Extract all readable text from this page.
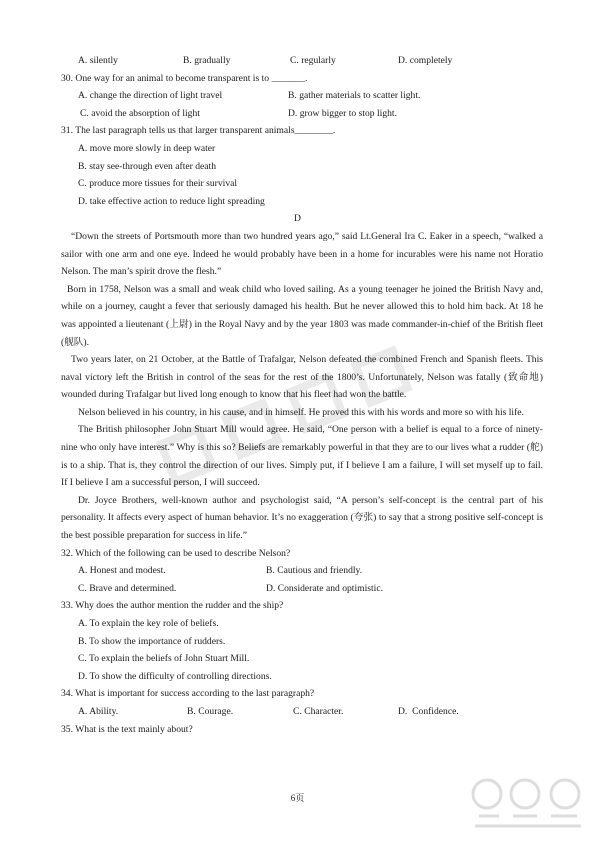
A. silently	B. gradually	C. regularly	D. completely
30. One way for an animal to become transparent is to _______.
A. change the direction of light travel	B. gather materials to scatter light.
C. avoid the absorption of light	D. grow bigger to stop light.
31. The last paragraph tells us that larger transparent animals________.
A. move more slowly in deep water
B. stay see-through even after death
C. produce more tissues for their survival
D. take effective action to reduce light spreading
D
“Down the streets of Portsmouth more than two hundred years ago,” said Lt.General Ira C. Eaker in a speech, “walked a sailor with one arm and one eye. Indeed he would probably have been in a home for incurables were his name not Horatio Nelson. The man’s spirit drove the flesh.”
Born in 1758, Nelson was a small and weak child who loved sailing. As a young teenager he joined the British Navy and, while on a journey, caught a fever that seriously damaged his health. But he never allowed this to hold him back. At 18 he was appointed a lieutenant (上尉) in the Royal Navy and by the year 1803 was made commander-in-chief of the British fleet (舰队).
Two years later, on 21 October, at the Battle of Trafalgar, Nelson defeated the combined French and Spanish fleets. This naval victory left the British in control of the seas for the rest of the 1800’s. Unfortunately, Nelson was fatally (致命地) wounded during Trafalgar but lived long enough to know that his fleet had won the battle.
Nelson believed in his country, in his cause, and in himself. He proved this with his words and more so with his life.
The British philosopher John Stuart Mill would agree. He said, “One person with a belief is equal to a force of ninety-nine who only have interest.” Why is this so? Beliefs are remarkably powerful in that they are to our lives what a rudder (舵)　is to a ship. That is, they control the direction of our lives. Simply put, if I believe I am a failure, I will set myself up to fail. If I believe I am a successful person, I will succeed.
Dr. Joyce Brothers, well-known author and psychologist said, “A person’s self-concept is the central part of his personality. It affects every aspect of human behavior. It’s no exaggeration (夸张) to say that a strong positive self-concept is the best possible preparation for success in life.”
32. Which of the following can be used to describe Nelson?
A. Honest and modest.	B. Cautious and friendly.
C. Brave and determined.	D. Considerate and optimistic.
33. Why does the author mention the rudder and the ship?
A. To explain the key role of beliefs.
B. To show the importance of rudders.
C. To explain the beliefs of John Stuart Mill.
D. To show the difficulty of controlling directions.
34. What is important for success according to the last paragraph?
A. Ability.	B. Courage.	C. Character.	D.  Confidence.
35. What is the text mainly about?
6页
